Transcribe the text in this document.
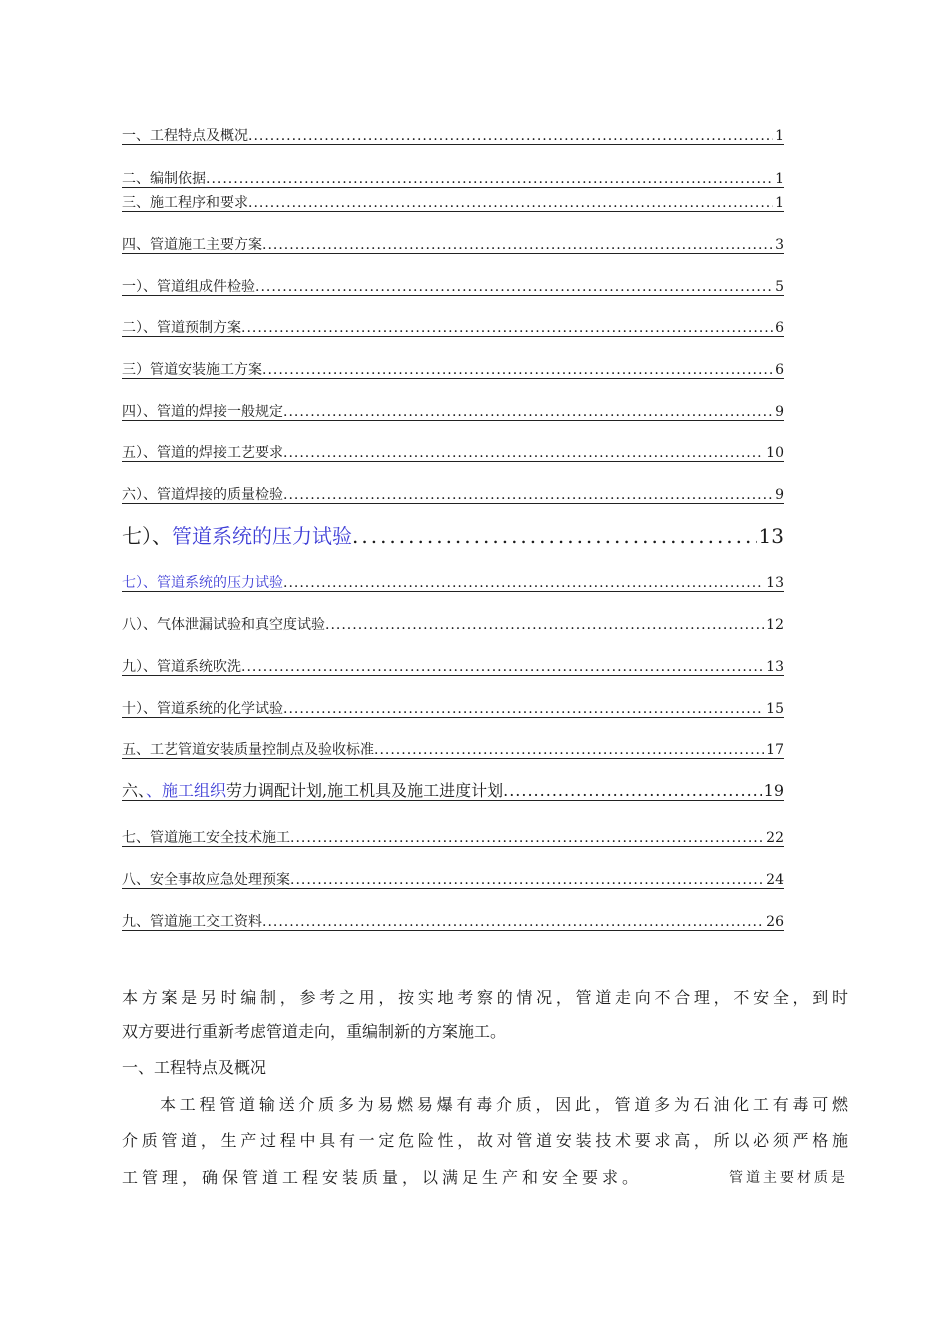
一、工程特点及概况 .....	1
二、编制依据 .....	1
三、施工程序和要求 .....	1
四、管道施工主要方案 .....	3
一）、管道组成件检验 .....	5
二）、管道预制方案 .....	6
三）管道安装施工方案 .....	6
四）、管道的焊接一般规定 .....	9
五）、管道的焊接工艺要求 .....	10
六）、管道焊接的质量检验 .....	9
七）、管道系统的压力试验 .....	13
七）、管道系统的压力试验 .....	13
八）、气体泄漏试验和真空度试验 .....	12
九）、管道系统吹洗 .....	13
十）、管道系统的化学试验 .....	15
五、工艺管道安装质量控制点及验收标准 .....	17
六、、施工组织劳力调配计划,施工机具及施工进度计划 .....	19
七、管道施工安全技术施工 .....	22
八、安全事故应急处理预案 .....	24
九、管道施工交工资料 .....	26
本方案是另时编制，参考之用，按实地考察的情况，管道走向不合理，不安全，到时
双方要进行重新考虑管道走向，重编制新的方案施工。
一、工程特点及概况
本工程管道输送介质多为易燃易爆有毒介质，因此，管道多为石油化工有毒可燃
介质管道，生产过程中具有一定危险性，故对管道安装技术要求高，所以必须严格施
工管理，确保管道工程安装质量，以满足生产和安全要求。	管道主要材质是
